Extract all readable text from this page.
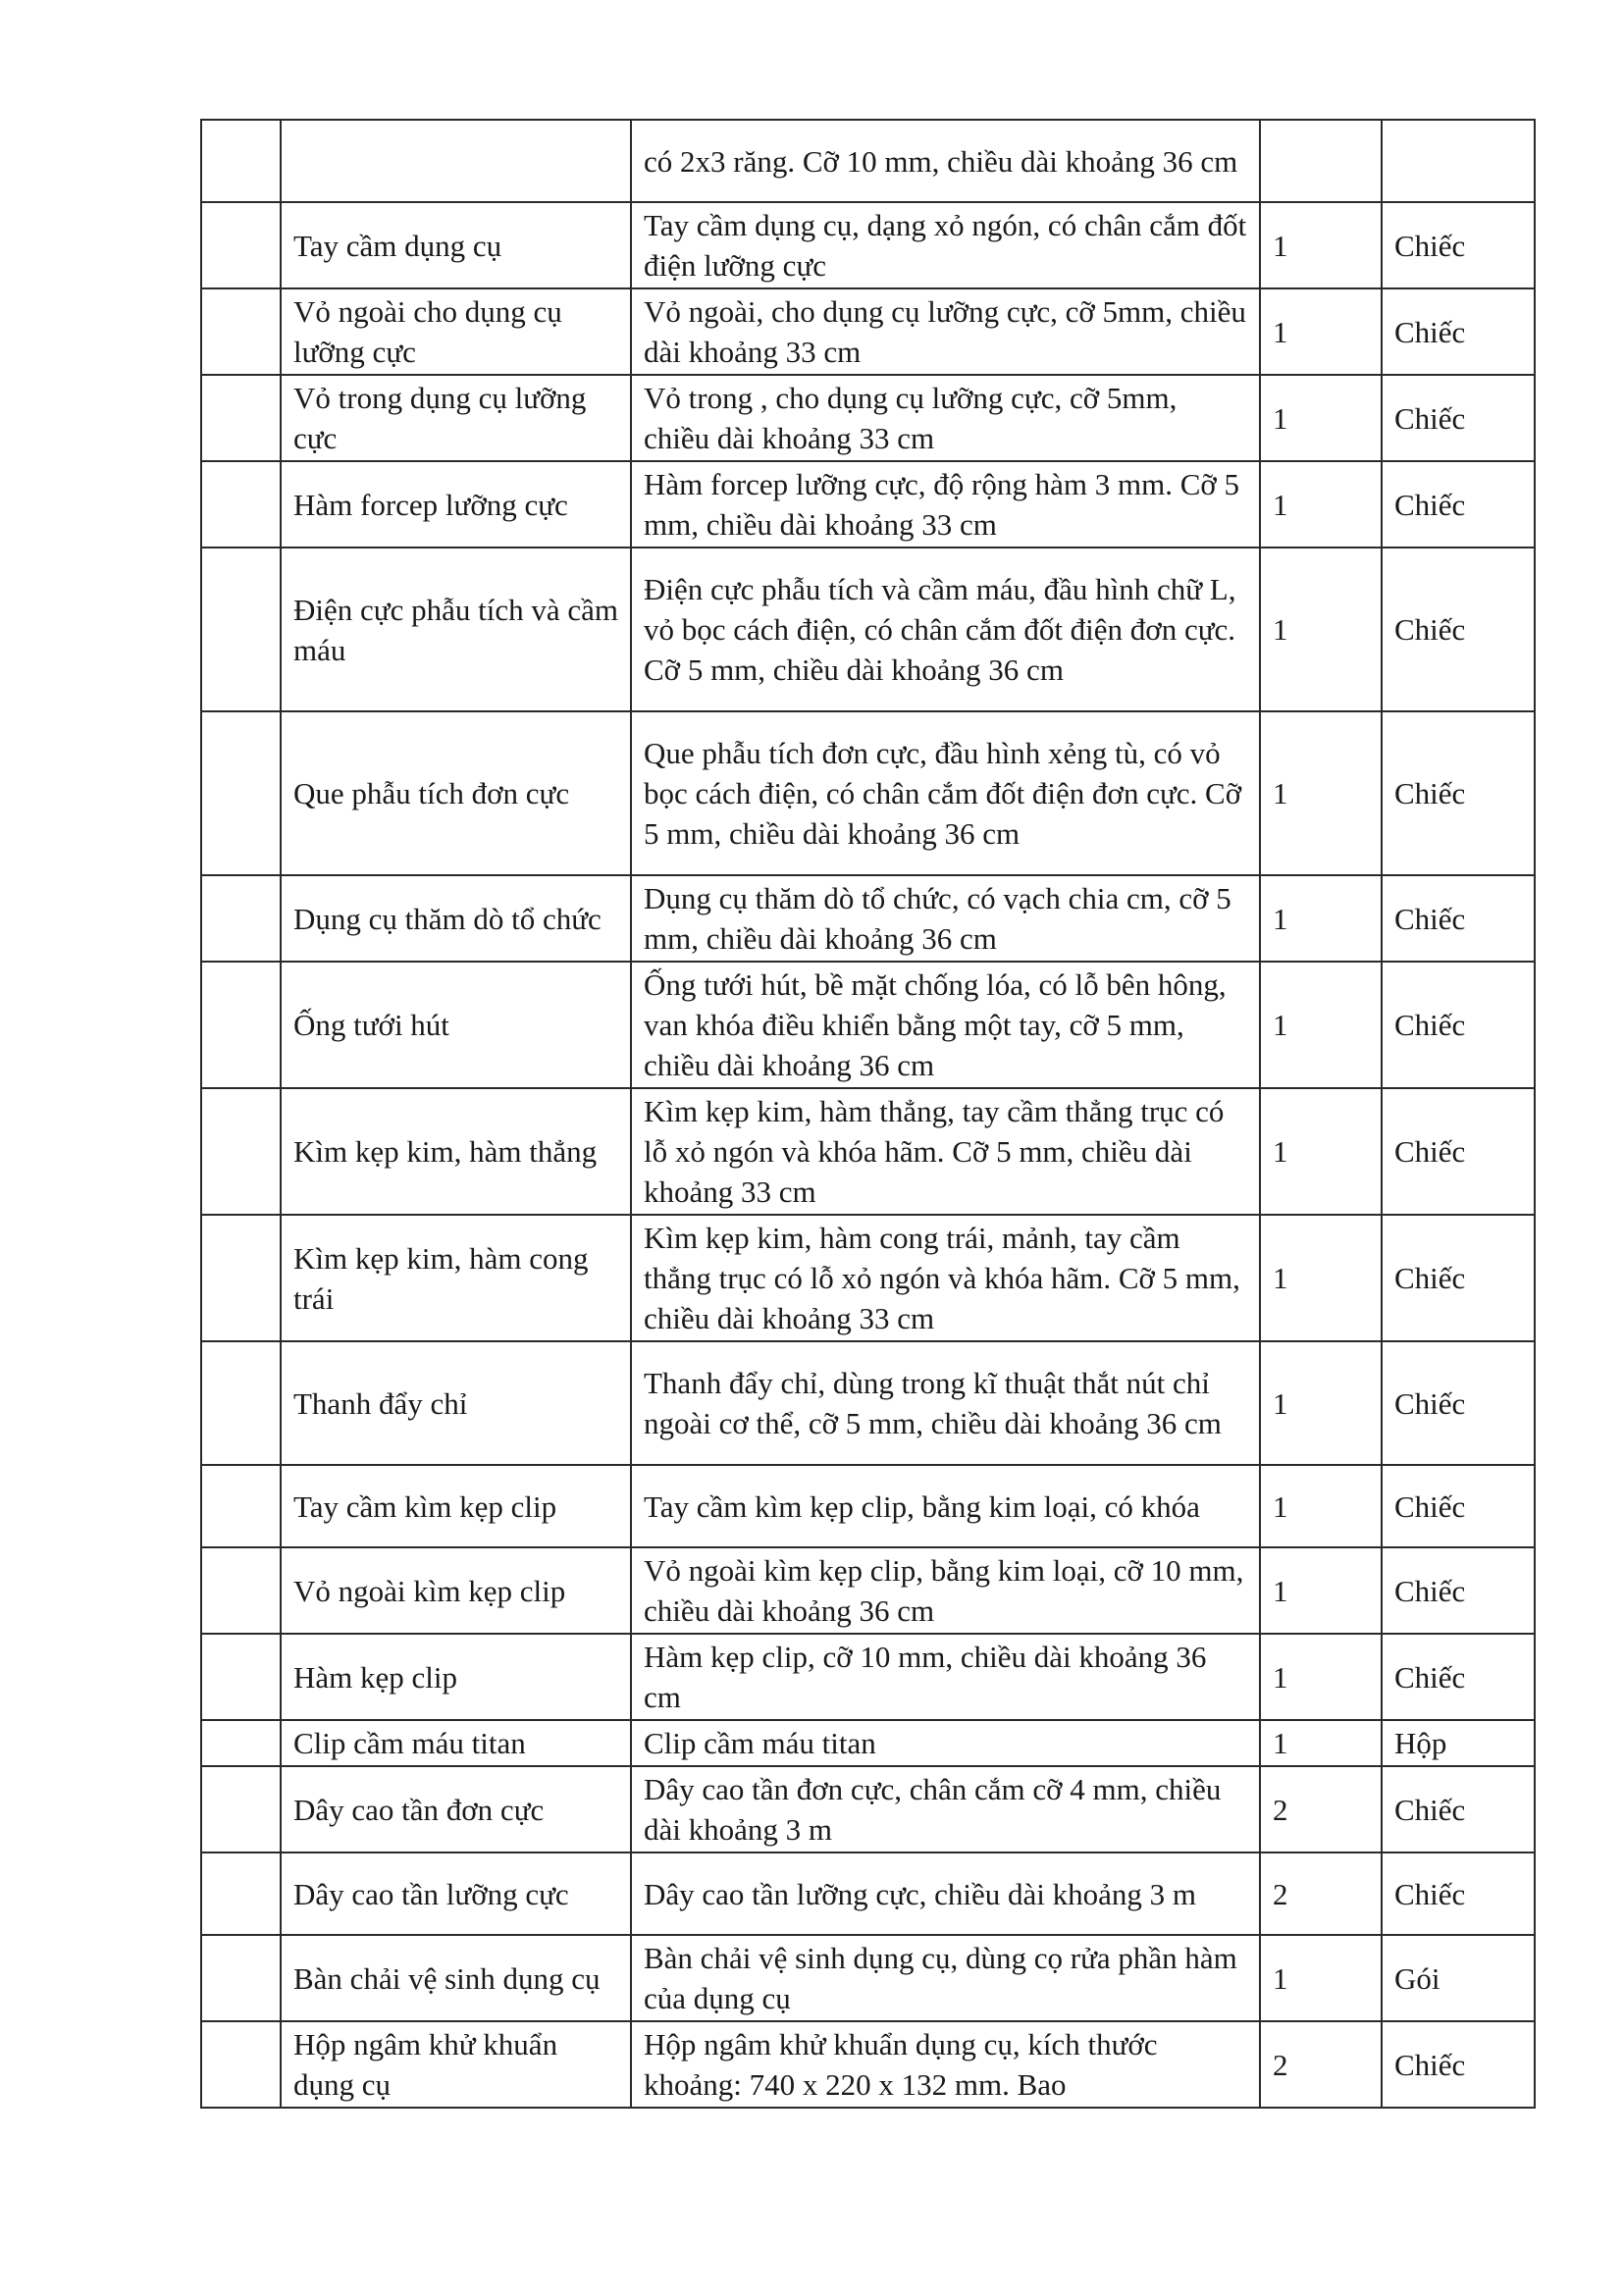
		có 2x3 răng. Cỡ 10 mm, chiều dài khoảng 36 cm		
	Tay cầm dụng cụ	Tay cầm dụng cụ, dạng xỏ ngón, có chân cắm đốt điện lưỡng cực	1	Chiếc
	Vỏ ngoài cho dụng cụ lưỡng cực	Vỏ ngoài, cho dụng cụ lưỡng cực, cỡ 5mm, chiều dài khoảng 33 cm	1	Chiếc
	Vỏ trong dụng cụ lưỡng cực	Vỏ trong , cho dụng cụ lưỡng cực, cỡ 5mm, chiều dài khoảng 33 cm	1	Chiếc
	Hàm forcep lưỡng cực	Hàm forcep lưỡng cực, độ rộng hàm 3 mm. Cỡ 5 mm, chiều dài khoảng 33 cm	1	Chiếc
	Điện cực phẫu tích và cầm máu	Điện cực phẫu tích và cầm máu, đầu hình chữ L, vỏ bọc cách điện, có chân cắm đốt điện đơn cực. Cỡ 5 mm, chiều dài khoảng 36 cm	1	Chiếc
	Que phẫu tích đơn cực	Que phẫu tích đơn cực, đầu hình xẻng tù, có vỏ bọc cách điện, có chân cắm đốt điện đơn cực. Cỡ 5 mm, chiều dài khoảng 36 cm	1	Chiếc
	Dụng cụ thăm dò tổ chức	Dụng cụ thăm dò tổ chức, có vạch chia cm, cỡ 5 mm, chiều dài khoảng 36 cm	1	Chiếc
	Ống tưới hút	Ống tưới hút, bề mặt chống lóa, có lỗ bên hông, van khóa điều khiển bằng một tay, cỡ 5 mm, chiều dài khoảng 36 cm	1	Chiếc
	Kìm kẹp kim, hàm thẳng	Kìm kẹp kim, hàm thẳng, tay cầm thẳng trục có lỗ xỏ ngón và khóa hãm. Cỡ 5 mm, chiều dài khoảng 33 cm	1	Chiếc
	Kìm kẹp kim, hàm cong trái	Kìm kẹp kim, hàm cong trái, mảnh, tay cầm thẳng trục có lỗ xỏ ngón và khóa hãm. Cỡ 5 mm, chiều dài khoảng 33 cm	1	Chiếc
	Thanh đẩy chỉ	Thanh đẩy chỉ, dùng trong kĩ thuật thắt nút chỉ ngoài cơ thể, cỡ 5 mm, chiều dài khoảng 36 cm	1	Chiếc
	Tay cầm kìm kẹp clip	Tay cầm kìm kẹp clip, bằng kim loại, có khóa	1	Chiếc
	Vỏ ngoài kìm kẹp clip	Vỏ ngoài kìm kẹp clip, bằng kim loại, cỡ 10 mm, chiều dài khoảng 36 cm	1	Chiếc
	Hàm kẹp clip	Hàm kẹp clip, cỡ 10 mm, chiều dài khoảng 36 cm	1	Chiếc
	Clip cầm máu titan	Clip cầm máu titan	1	Hộp
	Dây cao tần đơn cực	Dây cao tần đơn cực, chân cắm cỡ 4 mm, chiều dài khoảng 3 m	2	Chiếc
	Dây cao tần lưỡng cực	Dây cao tần lưỡng cực, chiều dài khoảng 3 m	2	Chiếc
	Bàn chải vệ sinh dụng cụ	Bàn chải vệ sinh dụng cụ, dùng cọ rửa phần hàm của dụng cụ	1	Gói
	Hộp ngâm khử khuẩn dụng cụ	Hộp ngâm khử khuẩn dụng cụ, kích thước khoảng: 740 x 220 x 132 mm. Bao	2	Chiếc
